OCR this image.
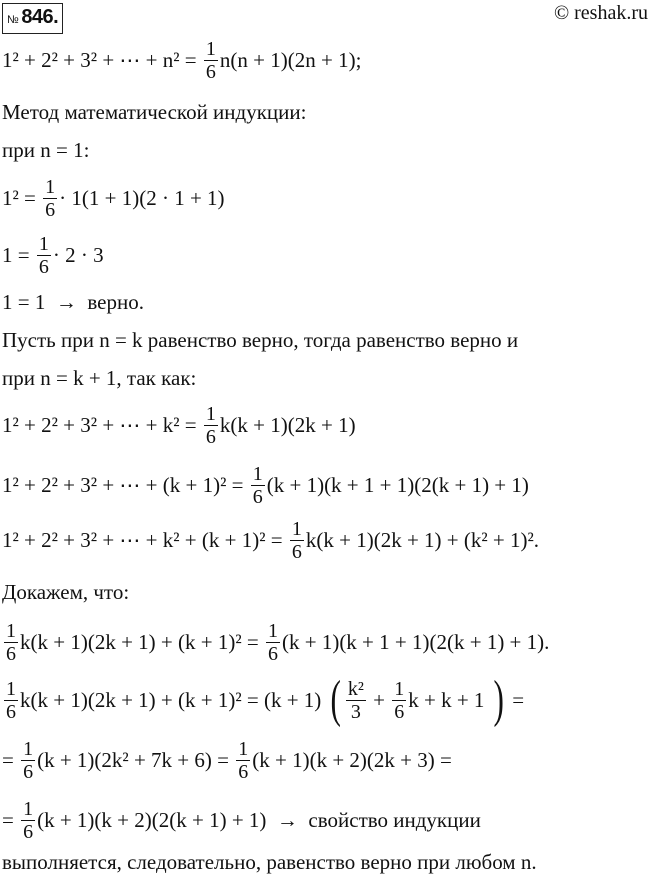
№ 846.	© reshak.ru
1² + 2² + 3² + ⋯ + $n^2 = \frac{1}{6} n(n + 1)(2n + 1)$;
Метод математической индукции:
при n = 1:
$1^2 = \frac{1}{6} \cdot 1(1 + 1)(2 \cdot 1 + 1)$
$1 = \frac{1}{6} \cdot 2 \cdot 3$
1 = 1  →  верно.
Пусть при n = k равенство верно, тогда равенство верно и
при n = k + 1, так как:
1² + 2² + 3² + ⋯ + $k^2 = \frac{1}{6} k(k + 1)(2k + 1)$
1² + 2² + 3² + ⋯ + $(k + 1)^2 = \frac{1}{6} (k + 1)(k + 1 + 1)(2(k + 1) + 1)$
1² + 2² + 3² + ⋯ + $k^2 + (k + 1)^2 = \frac{1}{6} k(k + 1)(2k + 1) + (k^2 + 1)^2$.
Докажем, что:
$\frac{1}{6} k(k + 1)(2k + 1) + (k + 1)^2 = \frac{1}{6} (k + 1)(k + 1 + 1)(2(k + 1) + 1)$.
$\frac{1}{6} k(k + 1)(2k + 1) + (k + 1)^2 = (k + 1)$ ( $\frac{\text{k²}}{3} + \frac{1}{6}$ k + k + 1 ) =
= $\frac{1}{6} (k + 1)(2k^2 + 7k + 6) = \frac{1}{6} (k + 1)(k + 2)(2k + 3)$ =
= $\frac{1}{6} (k + 1)(k + 2)(2(k + 1) + 1)$  →  свойство индукции
выполняется, следовательно, равенство верно при любом n.
